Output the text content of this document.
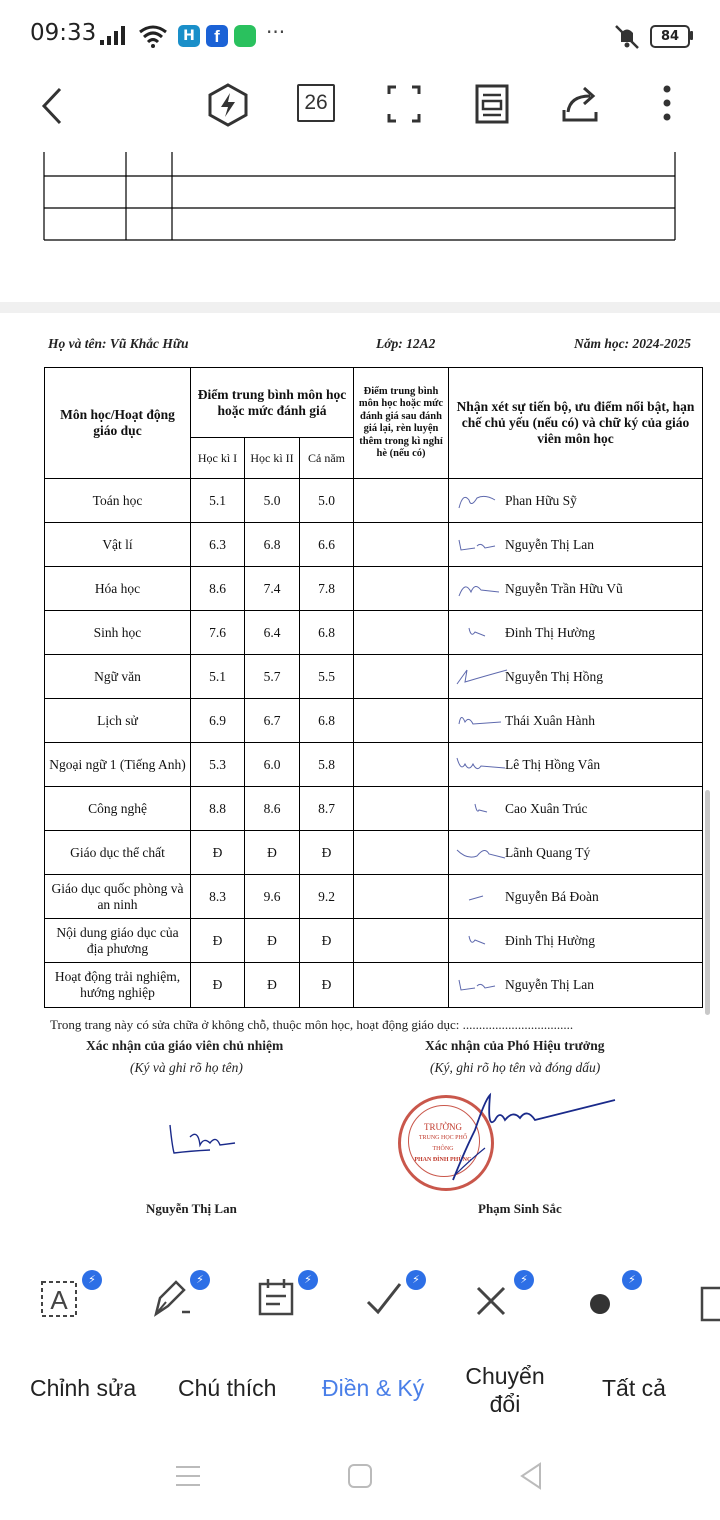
09:33	H	f	···	84
26
Họ và tên: Vũ Khắc Hữu	Lớp: 12A2	Năm học: 2024-2025
Môn học/Hoạt động giáo dục	Điểm trung bình môn học hoặc mức đánh giá			Điểm trung bình môn học hoặc mức đánh giá sau đánh giá lại, rèn luyện thêm trong kì nghỉ hè (nếu có)	Nhận xét sự tiến bộ, ưu điểm nổi bật, hạn chế chủ yếu (nếu có) và chữ ký của giáo viên môn học
	Học kì I	Học kì II	Cả năm		
Toán học	5.1	5.0	5.0		Phan Hữu Sỹ

Vật lí	6.3	6.8	6.6		Nguyễn Thị Lan

Hóa học	8.6	7.4	7.8		Nguyễn Trần Hữu Vũ

Sinh học	7.6	6.4	6.8		Đinh Thị Hường

Ngữ văn	5.1	5.7	5.5		Nguyễn Thị Hồng

Lịch sử	6.9	6.7	6.8		Thái Xuân Hành

Ngoại ngữ 1 (Tiếng Anh)	5.3	6.0	5.8		Lê Thị Hồng Vân

Công nghệ	8.8	8.6	8.7		Cao Xuân Trúc

Giáo dục thể chất	Đ	Đ	Đ		Lãnh Quang Tý

Giáo dục quốc phòng và an ninh	8.3	9.6	9.2		Nguyễn Bá Đoàn

Nội dung giáo dục của địa phương	Đ	Đ	Đ		Đinh Thị Hường

Hoạt động trải nghiệm, hướng nghiệp	Đ	Đ	Đ		Nguyễn Thị Lan
Trong trang này có sửa chữa ở không chỗ, thuộc môn học, hoạt động giáo dục: ..................................
Xác nhận của giáo viên chủ nhiệm
(Ký và ghi rõ họ tên)
Xác nhận của Phó Hiệu trưởng
(Ký, ghi rõ họ tên và đóng dấu)
Nguyễn Thị Lan
TRƯỜNG
TRUNG HỌC PHỔ THÔNG
PHAN ĐÌNH PHÙNG
Phạm Sinh Sắc
A
⚡	⚡	⚡	⚡	⚡	⚡
Chỉnh sửa Chú thích Điền & Ký Chuyển
đổi
Tất cả
